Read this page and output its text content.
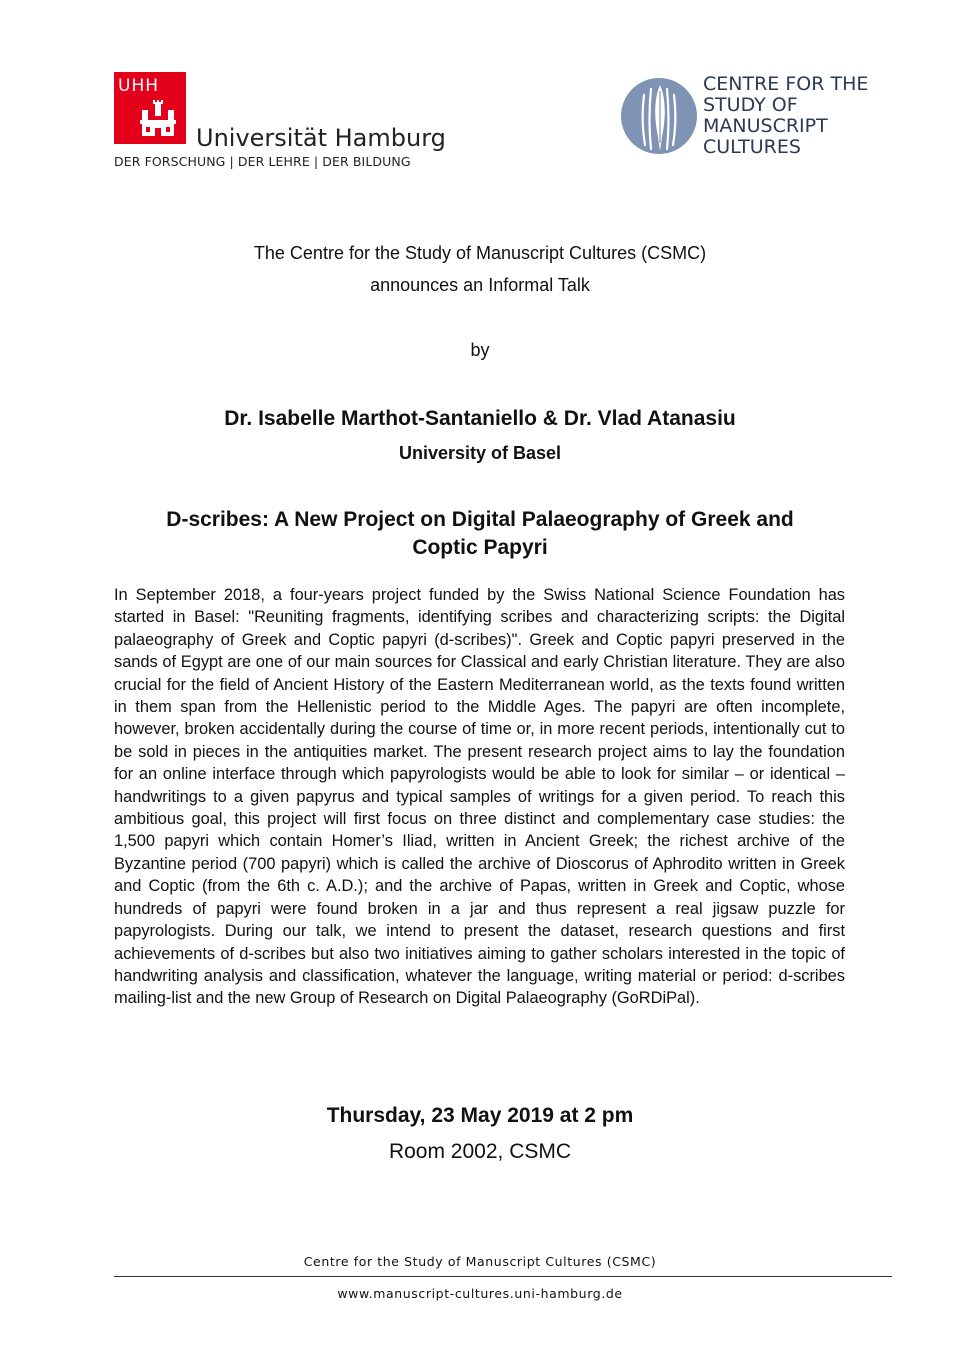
UHH
Universität Hamburg
DER FORSCHUNG | DER LEHRE | DER BILDUNG
CENTRE FOR THE
STUDY OF
MANUSCRIPT
CULTURES
The Centre for the Study of Manuscript Cultures (CSMC)
announces an Informal Talk
by
Dr. Isabelle Marthot-Santaniello & Dr. Vlad Atanasiu
University of Basel
D-scribes: A New Project on Digital Palaeography of Greek and
Coptic Papyri
In September 2018, a four-years project funded by the Swiss National Science Foundation has started in Basel: "Reuniting fragments, identifying scribes and characterizing scripts: the Digital palaeography of Greek and Coptic papyri (d-scribes)". Greek and Coptic papyri preserved in the sands of Egypt are one of our main sources for Classical and early Christian literature. They are also crucial for the field of Ancient History of the Eastern Mediterranean world, as the texts found written in them span from the Hellenistic period to the Middle Ages. The papyri are often incomplete, however, broken accidentally during the course of time or, in more recent periods, intentionally cut to be sold in pieces in the antiquities market. The present research project aims to lay the foundation for an online interface through which papyrologists would be able to look for similar – or identical – handwritings to a given papyrus and typical samples of writings for a given period. To reach this ambitious goal, this project will first focus on three distinct and complementary case studies: the 1,500 papyri which contain Homer’s Iliad, written in Ancient Greek; the richest archive of the Byzantine period (700 papyri) which is called the archive of Dioscorus of Aphrodito written in Greek and Coptic (from the 6th c. A.D.); and the archive of Papas, written in Greek and Coptic, whose hundreds of papyri were found broken in a jar and thus represent a real jigsaw puzzle for papyrologists. During our talk, we intend to present the dataset, research questions and first achievements of d-scribes but also two initiatives aiming to gather scholars interested in the topic of handwriting analysis and classification, whatever the language, writing material or period: d-scribes mailing-list and the new Group of Research on Digital Palaeography (GoRDiPal).
Thursday, 23 May 2019 at 2 pm
Room 2002, CSMC
Centre for the Study of Manuscript Cultures (CSMC)
www.manuscript-cultures.uni-hamburg.de
